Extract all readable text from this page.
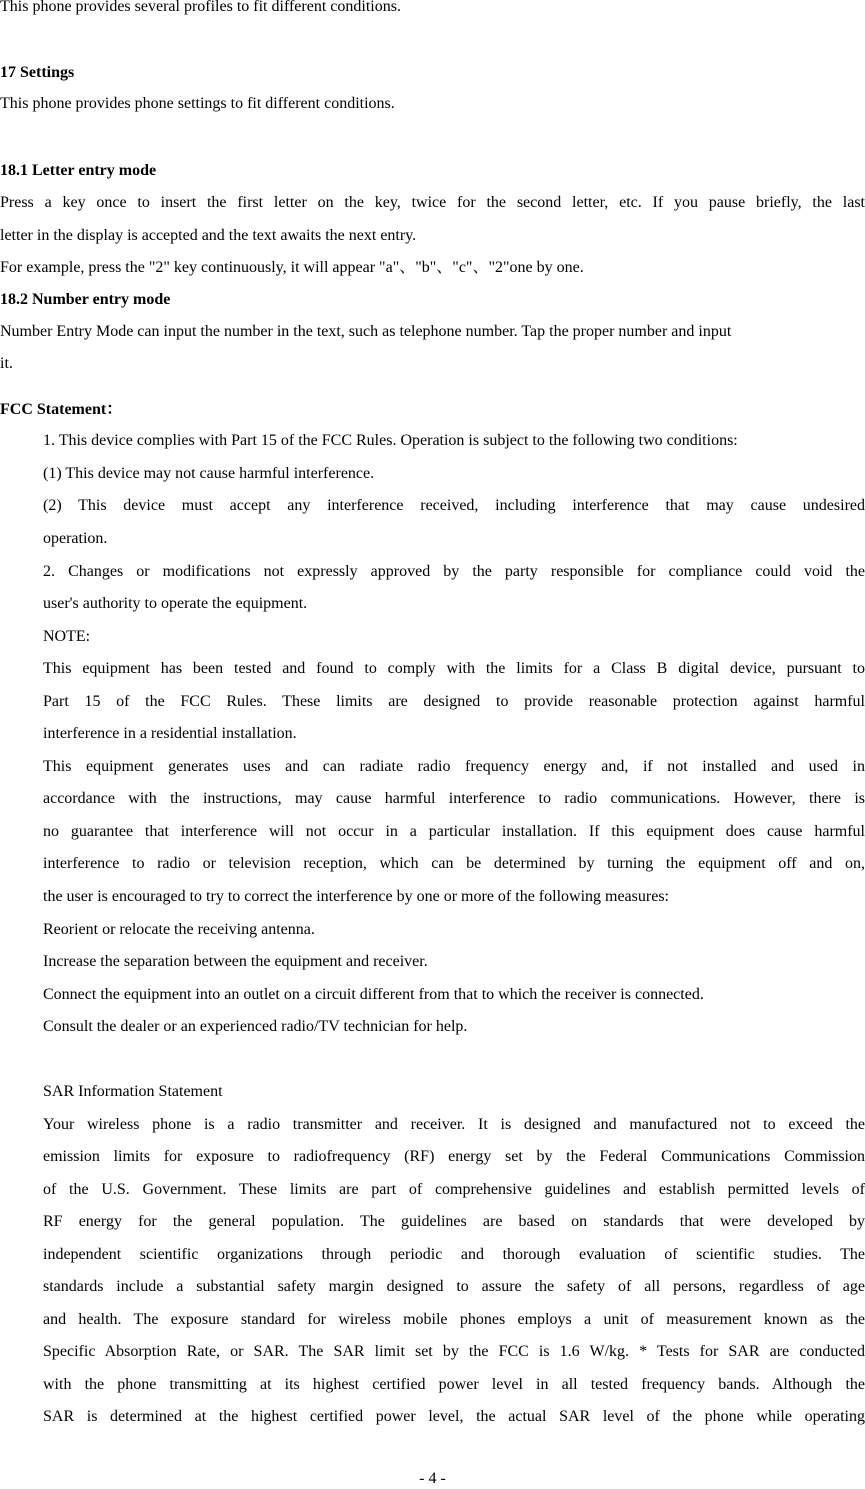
This phone provides several profiles to fit different conditions.
17 Settings
This phone provides phone settings to fit different conditions.
18.1 Letter entry mode
Press a key once to insert the first letter on the key, twice for the second letter, etc. If you pause briefly, the last
letter in the display is accepted and the text awaits the next entry.
For example, press the "2" key continuously, it will appear "a"、"b"、"c"、"2"one by one.
18.2 Number entry mode
Number Entry Mode can input the number in the text, such as telephone number. Tap the proper number and input
it.
FCC Statement：
1. This device complies with Part 15 of the FCC Rules. Operation is subject to the following two conditions:
(1) This device may not cause harmful interference.
(2) This device must accept any interference received, including interference that may cause undesired
operation.
2. Changes or modifications not expressly approved by the party responsible for compliance could void the
user's authority to operate the equipment.
NOTE:
This equipment has been tested and found to comply with the limits for a Class B digital device, pursuant to
Part 15 of the FCC Rules. These limits are designed to provide reasonable protection against harmful
interference in a residential installation.
This equipment generates uses and can radiate radio frequency energy and, if not installed and used in
accordance with the instructions, may cause harmful interference to radio communications. However, there is
no guarantee that interference will not occur in a particular installation. If this equipment does cause harmful
interference to radio or television reception, which can be determined by turning the equipment off and on,
the user is encouraged to try to correct the interference by one or more of the following measures:
Reorient or relocate the receiving antenna.
Increase the separation between the equipment and receiver.
Connect the equipment into an outlet on a circuit different from that to which the receiver is connected.
Consult the dealer or an experienced radio/TV technician for help.
SAR Information Statement
Your wireless phone is a radio transmitter and receiver. It is designed and manufactured not to exceed the
emission limits for exposure to radiofrequency (RF) energy set by the Federal Communications Commission
of the U.S. Government. These limits are part of comprehensive guidelines and establish permitted levels of
RF energy for the general population. The guidelines are based on standards that were developed by
independent scientific organizations through periodic and thorough evaluation of scientific studies. The
standards include a substantial safety margin designed to assure the safety of all persons, regardless of age
and health. The exposure standard for wireless mobile phones employs a unit of measurement known as the
Specific Absorption Rate, or SAR. The SAR limit set by the FCC is 1.6 W/kg. * Tests for SAR are conducted
with the phone transmitting at its highest certified power level in all tested frequency bands. Although the
SAR is determined at the highest certified power level, the actual SAR level of the phone while operating
- 4 -
